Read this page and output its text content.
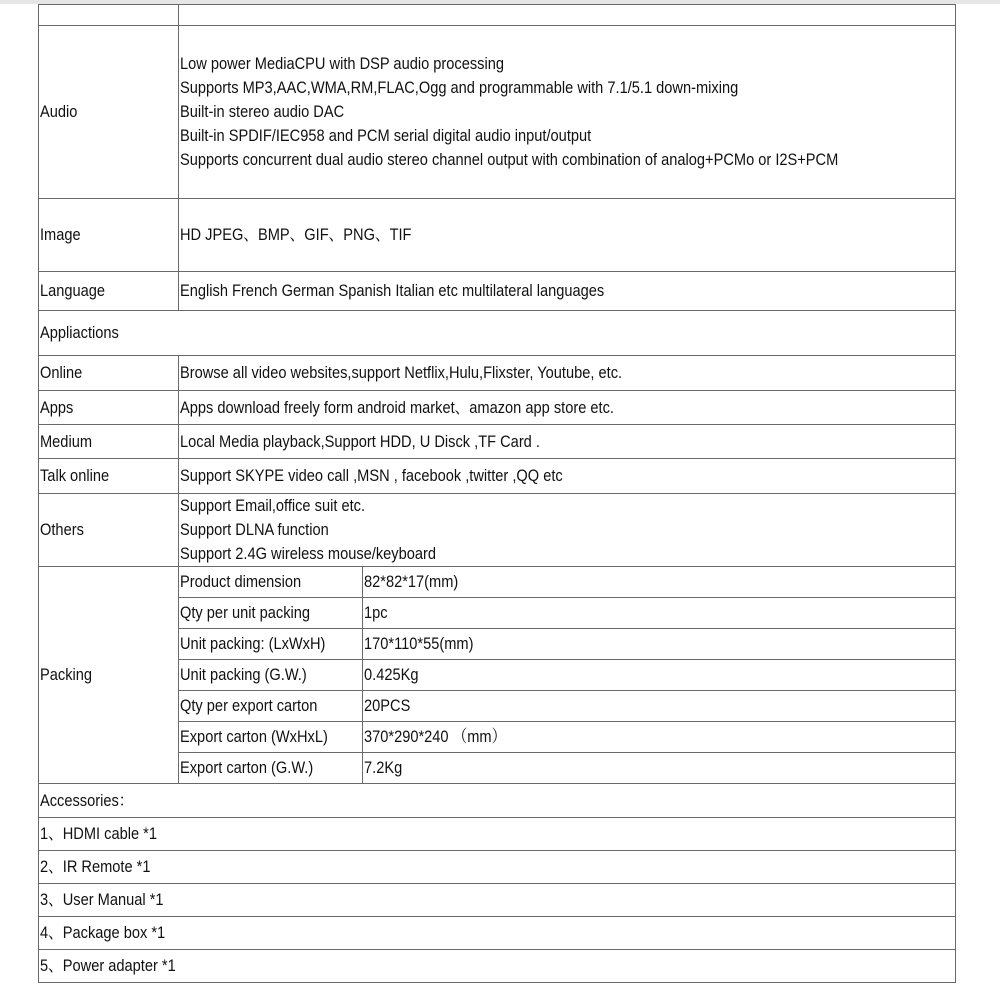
Audio	Low power MediaCPU with DSP audio processing
Supports MP3,AAC,WMA,RM,FLAC,Ogg and programmable with 7.1/5.1 down-mixing
Built-in stereo audio DAC
Built-in SPDIF/IEC958 and PCM serial digital audio input/output
Supports concurrent dual audio stereo channel output with combination of analog+PCMo or I2S+PCM	

Image	HD JPEG、BMP、GIF、PNG、TIF	
Language	English French German Spanish Italian etc multilateral languages	
Appliactions		
Online	Browse all video websites,support Netflix,Hulu,Flixster, Youtube, etc.	
Apps	Apps download freely form android market、amazon app store etc.	
Medium	Local Media playback,Support HDD, U Disck ,TF Card .	
Talk online	Support SKYPE video call ,MSN , facebook ,twitter ,QQ etc	
Others	Support Email,office suit etc.
Support DLNA function
Support 2.4G wireless mouse/keyboard	

Packing	Product dimension	82*82*17(mm)
	Qty per unit packing	1pc
	Unit packing: (LxWxH)	170*110*55(mm)
	Unit packing (G.W.)	0.425Kg
	Qty per export carton	20PCS
	Export carton (WxHxL)	370*290*240 （mm）
	Export carton (G.W.)	7.2Kg
Accessories：		
1、HDMI cable *1		
2、IR Remote *1		
3、User Manual *1		
4、Package box *1		
5、Power adapter *1		
